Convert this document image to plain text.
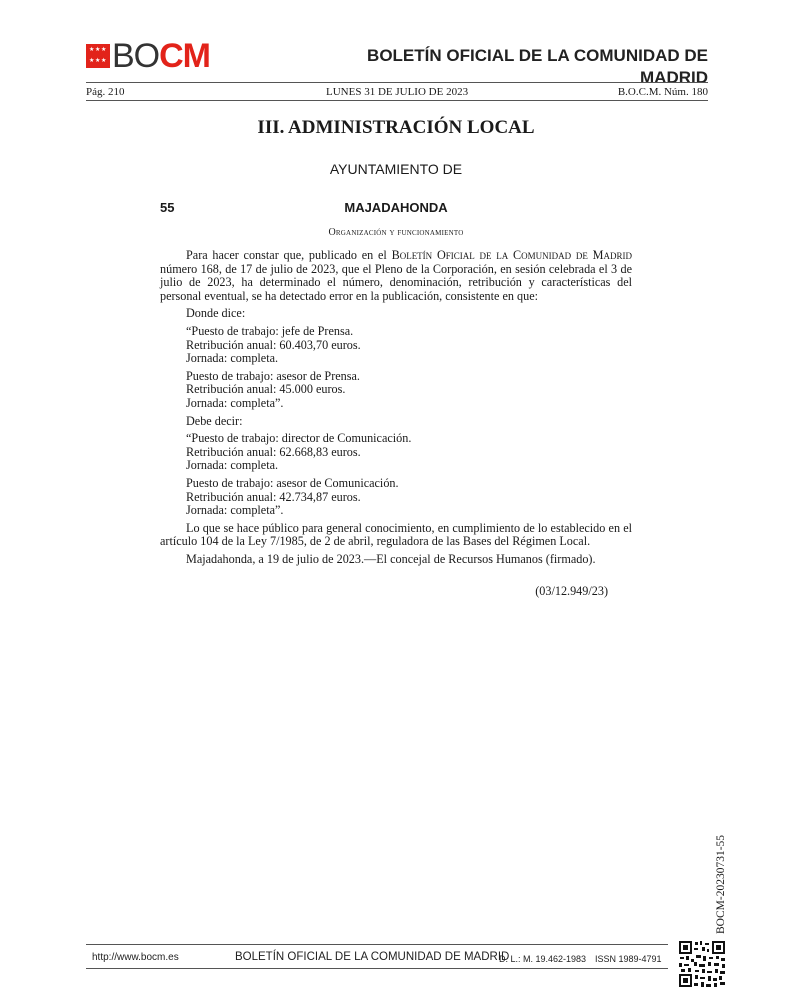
★ ★ ★
★ ★ ★ BOCM	BOLETÍN OFICIAL DE LA COMUNIDAD DE MADRID
Pág. 210	LUNES 31 DE JULIO DE 2023	B.O.C.M. Núm. 180
III. ADMINISTRACIÓN LOCAL
AYUNTAMIENTO DE
55	MAJADAHONDA
Organización y funcionamiento

Para hacer constar que, publicado en el Boletín Oficial de la Comunidad de Madrid número 168, de 17 de julio de 2023, que el Pleno de la Corporación, en sesión celebrada el 3 de julio de 2023, ha determinado el número, denominación, retribución y características del personal eventual, se ha detectado error en la publicación, consistente en que:

Donde dice:

“Puesto de trabajo: jefe de Prensa.

Retribución anual: 60.403,70 euros.

Jornada: completa.

Puesto de trabajo: asesor de Prensa.

Retribución anual: 45.000 euros.

Jornada: completa”.

Debe decir:

“Puesto de trabajo: director de Comunicación.

Retribución anual: 62.668,83 euros.

Jornada: completa.

Puesto de trabajo: asesor de Comunicación.

Retribución anual: 42.734,87 euros.

Jornada: completa”.

Lo que se hace público para general conocimiento, en cumplimiento de lo establecido en el artículo 104 de la Ley 7/1985, de 2 de abril, reguladora de las Bases del Régimen Local.

Majadahonda, a 19 de julio de 2023.—El concejal de Recursos Humanos (firmado).

(03/12.949/23)
BOCM-20230731-55
http://www.bocm.es	BOLETÍN OFICIAL DE LA COMUNIDAD DE MADRID
D. L.: M. 19.462-1983 ISSN 1989-4791
